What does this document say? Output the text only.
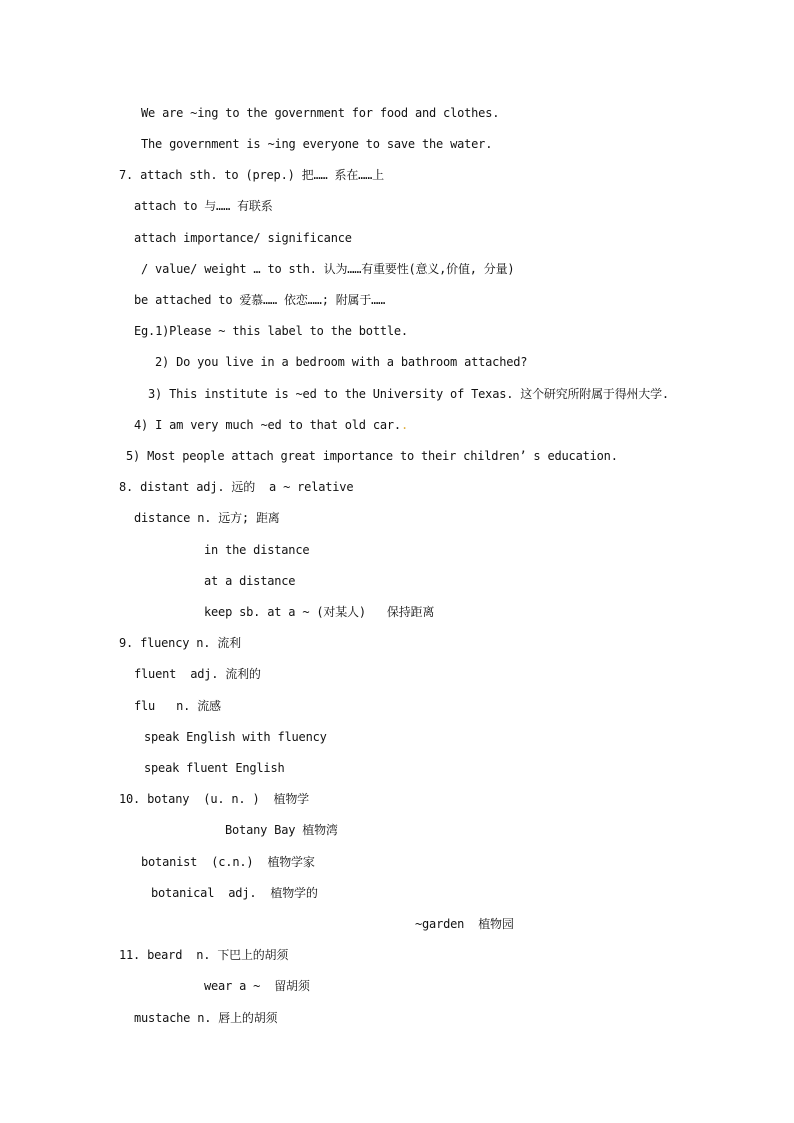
We are ~ing to the government for food and clothes.
The government is ~ing everyone to save the water.
7. attach sth. to (prep.) 把…… 系在……上
attach to 与…… 有联系
attach importance/ significance
/ value/ weight … to sth. 认为……有重要性(意义,价值, 分量)
be attached to 爱慕…… 依恋……; 附属于……
Eg.1)Please ~ this label to the bottle.
2) Do you live in a bedroom with a bathroom attached?
3) This institute is ~ed to the University of Texas. 这个研究所附属于得州大学.
4) I am very much ~ed to that old car..
5) Most people attach great importance to their children’ s education.
8. distant adj. 远的  a ~ relative
distance n. 远方; 距离
in the distance
at a distance
keep sb. at a ~ (对某人)   保持距离
9. fluency n. 流利
fluent  adj. 流利的
flu   n. 流感
speak English with fluency
speak fluent English
10. botany  (u. n. )  植物学
Botany Bay 植物湾
botanist  (c.n.)  植物学家
botanical  adj.  植物学的
~garden  植物园
11. beard  n. 下巴上的胡须
wear a ~  留胡须
mustache n. 唇上的胡须
